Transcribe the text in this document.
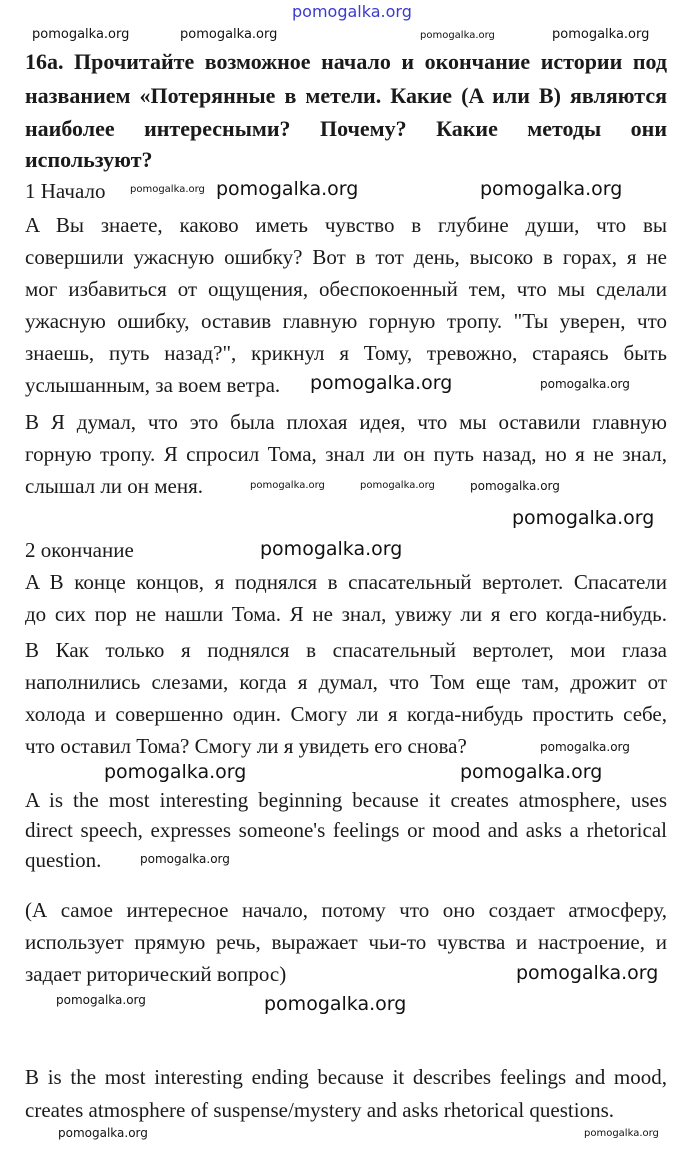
pomogalka.org
16а. Прочитайте возможное начало и окончание истории под
названием «Потерянные в метели. Какие (A или B) являются
наиболее интересными? Почему? Какие методы они
используют?
1 Начало
A Вы знаете, каково иметь чувство в глубине души, что вы
совершили ужасную ошибку? Вот в тот день, высоко в горах, я не
мог избавиться от ощущения, обеспокоенный тем, что мы сделали
ужасную ошибку, оставив главную горную тропу. "Ты уверен, что
знаешь, путь назад?", крикнул я Тому, тревожно, стараясь быть
услышанным, за воем ветра.
B Я думал, что это была плохая идея, что мы оставили главную
горную тропу. Я спросил Тома, знал ли он путь назад, но я не знал,
слышал ли он меня.
2 окончание
A В конце концов, я поднялся в спасательный вертолет. Спасатели
до сих пор не нашли Тома. Я не знал, увижу ли я его когда-нибудь.
B Как только я поднялся в спасательный вертолет, мои глаза
наполнились слезами, когда я думал, что Том еще там, дрожит от
холода и совершенно один. Смогу ли я когда-нибудь простить себе,
что оставил Тома? Смогу ли я увидеть его снова?
A is the most interesting beginning because it creates atmosphere, uses
direct speech, expresses someone's feelings or mood and asks a rhetorical
question.
(А самое интересное начало, потому что оно создает атмосферу,
использует прямую речь, выражает чьи-то чувства и настроение, и
задает риторический вопрос)
B is the most interesting ending because it describes feelings and mood,
creates atmosphere of suspense/mystery and asks rhetorical questions.
pomogalka.org	pomogalka.org	pomogalka.org	pomogalka.org
pomogalka.org pomogalka.org	pomogalka.org
pomogalka.org	pomogalka.org
pomogalka.org
pomogalka.org
pomogalka.org
pomogalka.org
pomogalka.org
pomogalka.org
pomogalka.org	pomogalka.org
pomogalka.org
pomogalka.org
pomogalka.org	pomogalka.org
pomogalka.org	pomogalka.org
